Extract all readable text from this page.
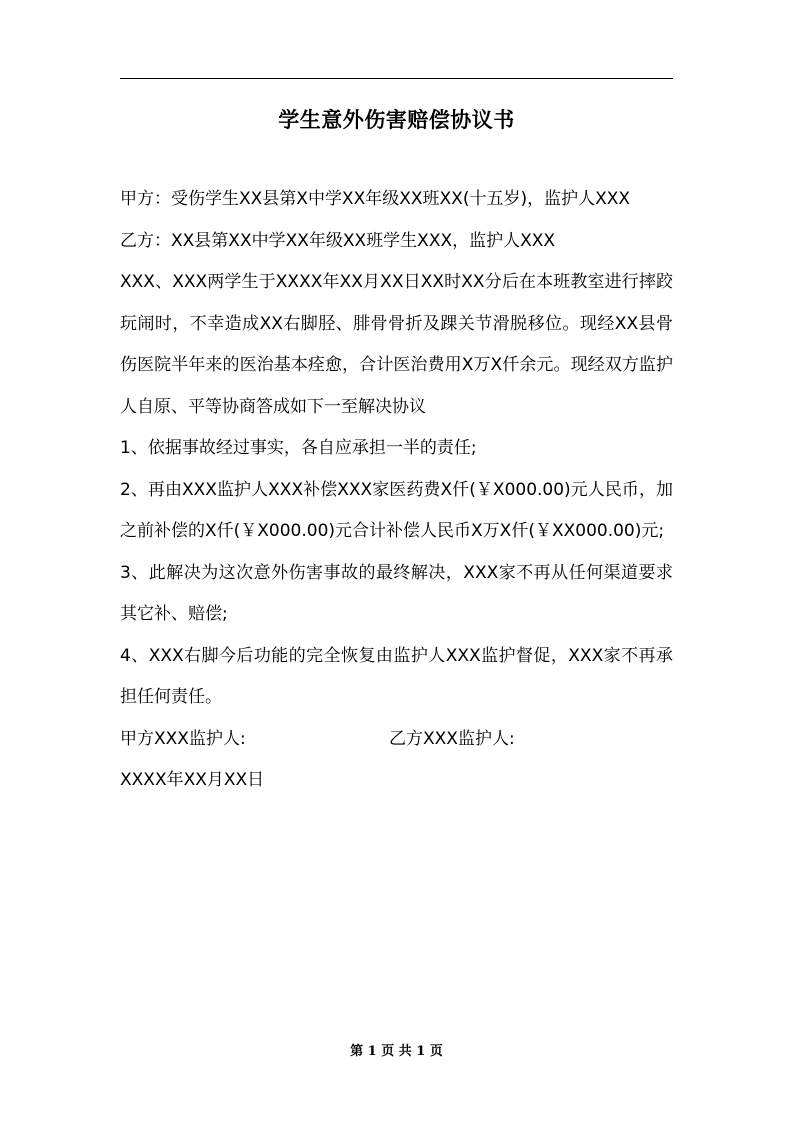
学生意外伤害赔偿协议书

甲方：受伤学生XX县第X中学XX年级XX班XX(十五岁)，监护人XXX

乙方：XX县第XX中学XX年级XX班学生XXX，监护人XXX

XXX、XXX两学生于XXXX年XX月XX日XX时XX分后在本班教室进行摔跤玩闹时，不幸造成XX右脚胫、腓骨骨折及踝关节滑脱移位。现经XX县骨伤医院半年来的医治基本痊愈，合计医治费用X万X仟余元。现经双方监护人自原、平等协商答成如下一至解决协议

1、依据事故经过事实，各自应承担一半的责任;

2、再由XXX监护人XXX补偿XXX家医药费X仟(￥X000.00)元人民币，加之前补偿的X仟(￥X000.00)元合计补偿人民币X万X仟(￥XX000.00)元;

3、此解决为这次意外伤害事故的最终解决，XXX家不再从任何渠道要求其它补、赔偿;

4、XXX右脚今后功能的完全恢复由监护人XXX监护督促，XXX家不再承担任何责任。

甲方XXX监护人:	乙方XXX监护人:

XXXX年XX月XX日

第 1 页 共 1 页
